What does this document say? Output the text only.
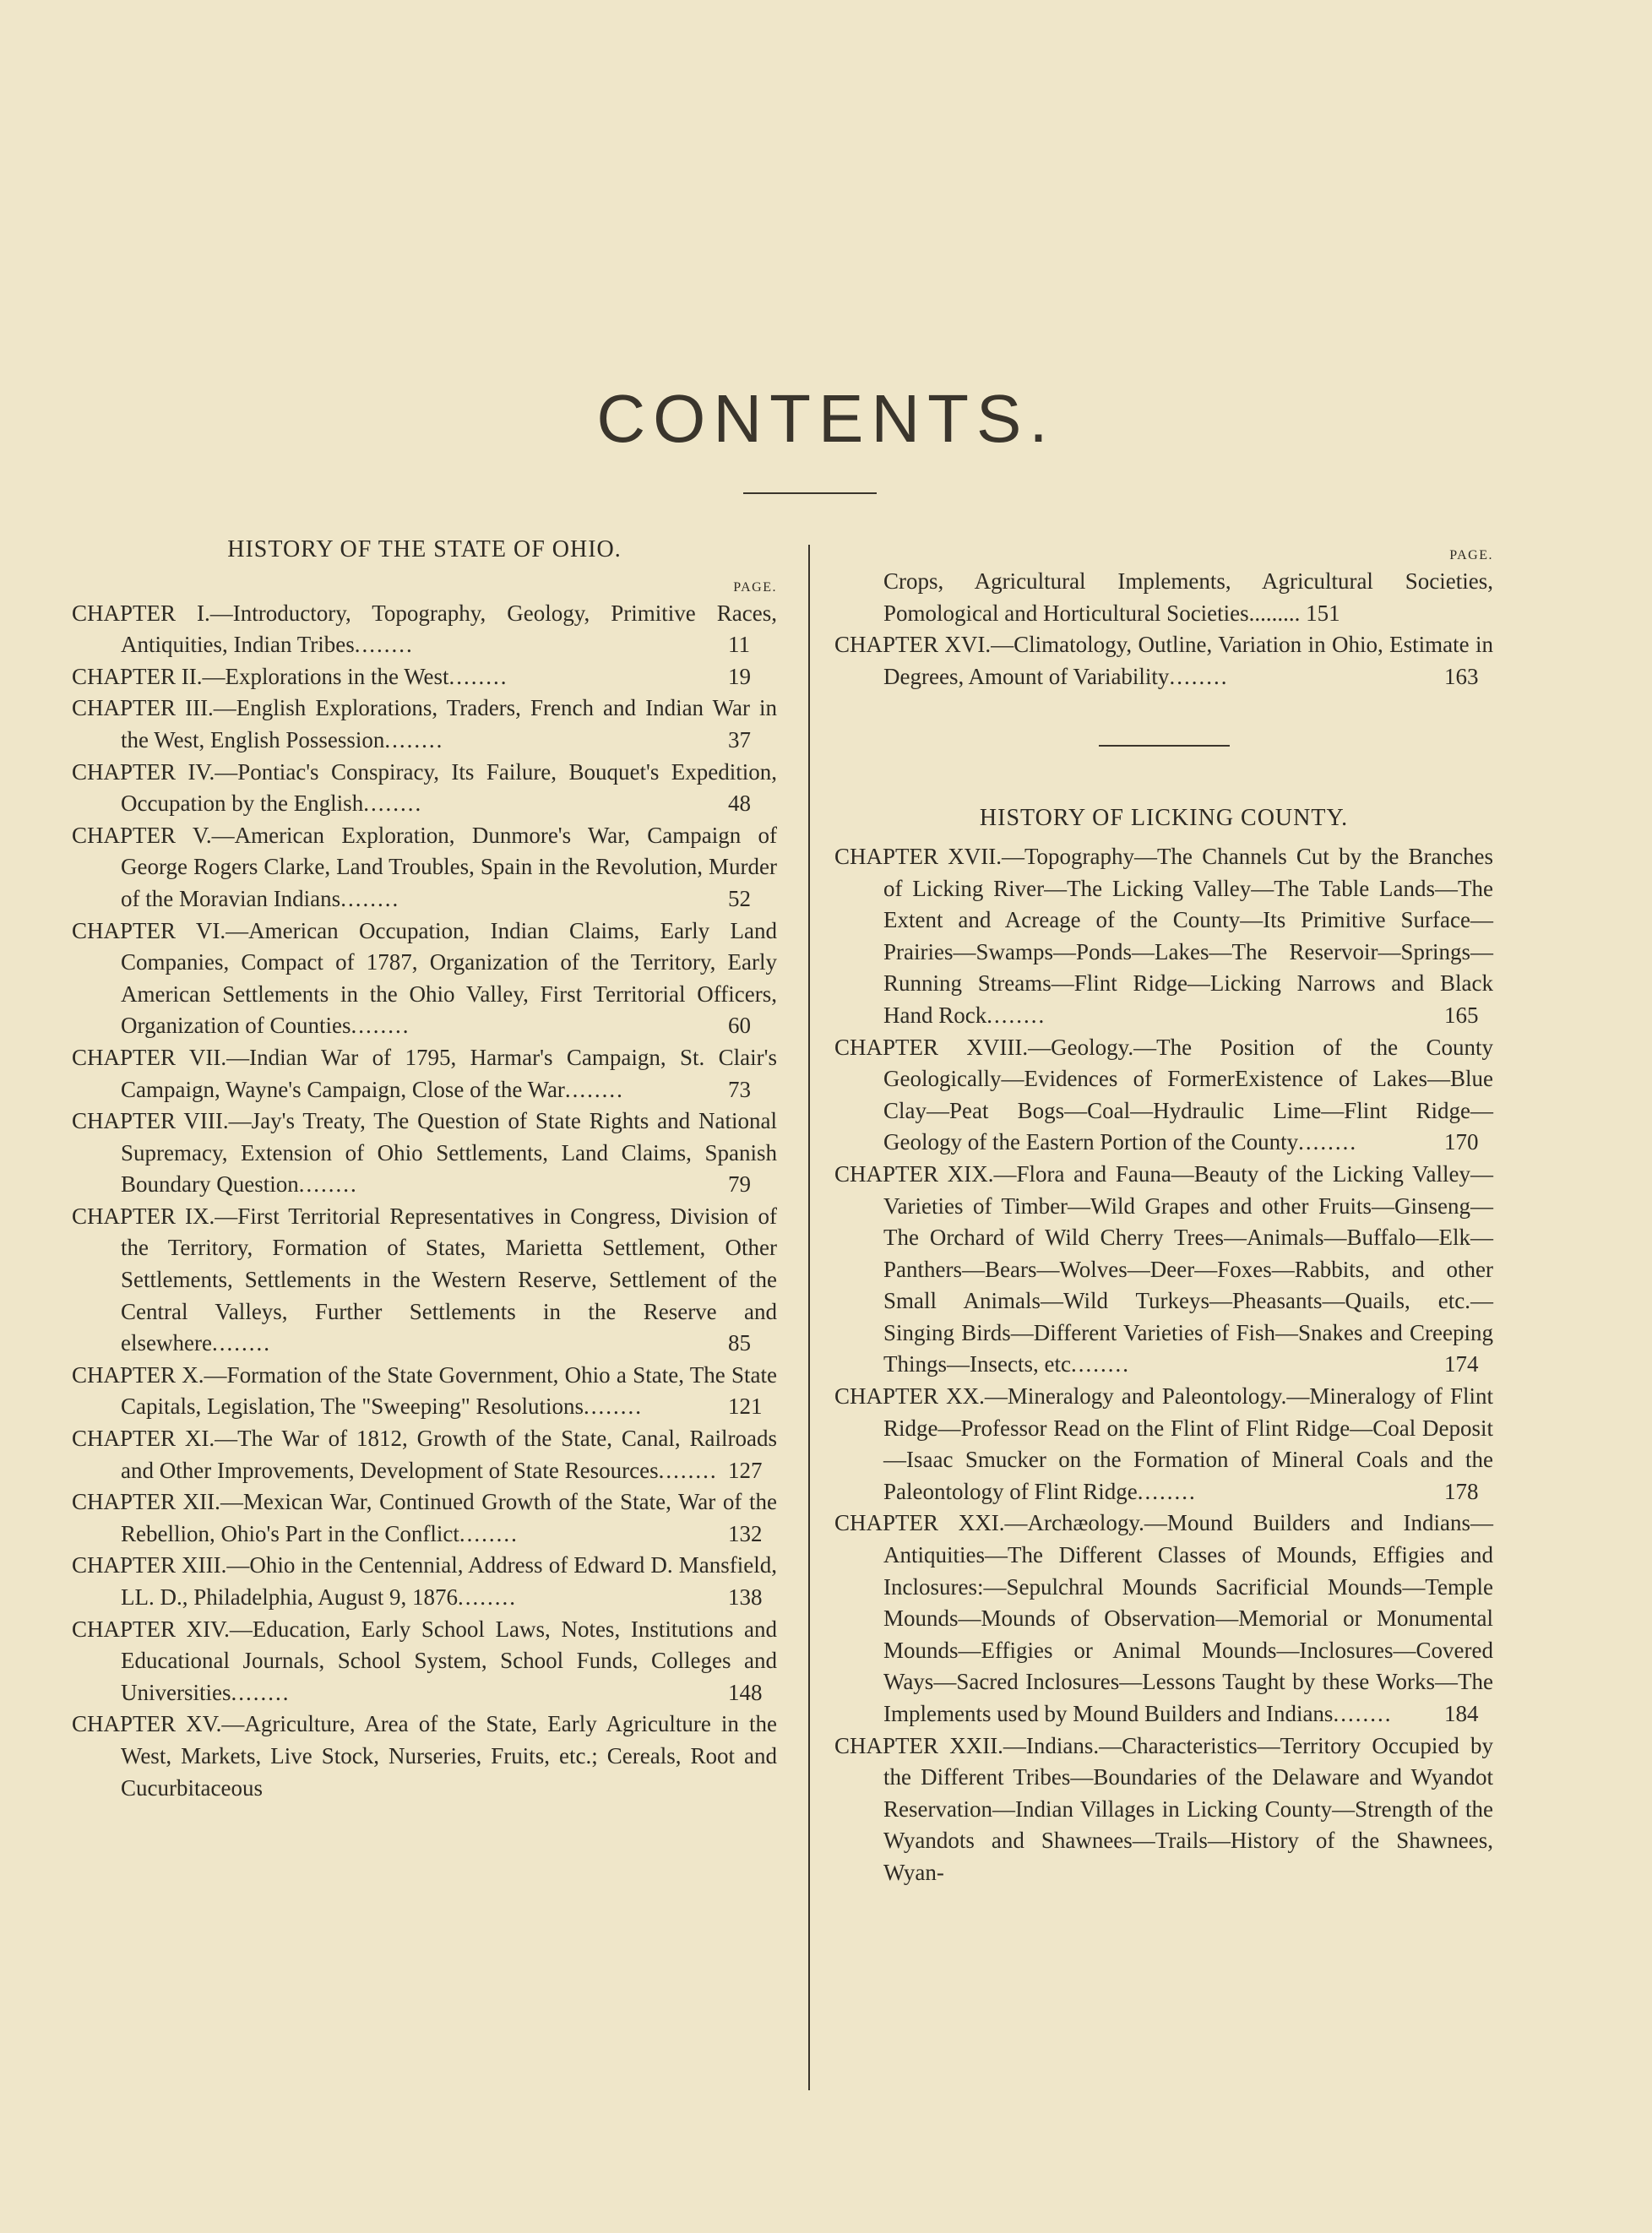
CONTENTS.

HISTORY OF THE STATE OF OHIO.

PAGE.

CHAPTER I.—Introductory, Topography, Geology, Primitive Races, Antiquities, Indian Tribes........	11

CHAPTER II.—Explorations in the West........	19

CHAPTER III.—English Explorations, Traders, French and Indian War in the West, English Possession........	37

CHAPTER IV.—Pontiac's Conspiracy, Its Failure, Bouquet's Expedition, Occupation by the English........	48

CHAPTER V.—American Exploration, Dunmore's War, Campaign of George Rogers Clarke, Land Troubles, Spain in the Revolution, Murder of the Moravian Indians........	52

CHAPTER VI.—American Occupation, Indian Claims, Early Land Companies, Compact of 1787, Organization of the Territory, Early American Settlements in the Ohio Valley, First Territorial Officers, Organization of Counties........	60

CHAPTER VII.—Indian War of 1795, Harmar's Campaign, St. Clair's Campaign, Wayne's Campaign, Close of the War........	73

CHAPTER VIII.—Jay's Treaty, The Question of State Rights and National Supremacy, Extension of Ohio Settlements, Land Claims, Spanish Boundary Question........	79

CHAPTER IX.—First Territorial Representatives in Congress, Division of the Territory, Formation of States, Marietta Settlement, Other Settlements, Settlements in the Western Reserve, Settlement of the Central Valleys, Further Settlements in the Reserve and elsewhere........	85

CHAPTER X.—Formation of the State Government, Ohio a State, The State Capitals, Legislation, The "Sweeping" Resolutions........	121

CHAPTER XI.—The War of 1812, Growth of the State, Canal, Railroads and Other Improvements, Development of State Resources........ 127

CHAPTER XII.—Mexican War, Continued Growth of the State, War of the Rebellion, Ohio's Part in the Conflict........	132

CHAPTER XIII.—Ohio in the Centennial, Address of Edward D. Mansfield, LL. D., Philadelphia, August 9, 1876........	138

CHAPTER XIV.—Education, Early School Laws, Notes, Institutions and Educational Journals, School System, School Funds, Colleges and Universities........	148

CHAPTER XV.—Agriculture, Area of the State, Early Agriculture in the West, Markets, Live Stock, Nurseries, Fruits, etc.; Cereals, Root and Cucurbitaceous

PAGE.

Crops, Agricultural Implements, Agricultural Societies, Pomological and Horticultural Societies......... 151

CHAPTER XVI.—Climatology, Outline, Variation in Ohio, Estimate in Degrees, Amount of Variability........	163

HISTORY OF LICKING COUNTY.

CHAPTER XVII.—Topography—The Channels Cut by the Branches of Licking River—The Licking Valley—The Table Lands—The Extent and Acreage of the County—Its Primitive Surface—Prairies—Swamps—Ponds—Lakes—The Reservoir—Springs—Running Streams—Flint Ridge—Licking Narrows and Black Hand Rock........	165

CHAPTER XVIII.—Geology.—The Position of the County Geologically—Evidences of FormerExistence of Lakes—Blue Clay—Peat Bogs—Coal—Hydraulic Lime—Flint Ridge—Geology of the Eastern Portion of the County........	170

CHAPTER XIX.—Flora and Fauna—Beauty of the Licking Valley—Varieties of Timber—Wild Grapes and other Fruits—Ginseng—The Orchard of Wild Cherry Trees—Animals—Buffalo—Elk—Panthers—Bears—Wolves—Deer—Foxes—Rabbits, and other Small Animals—Wild Turkeys—Pheasants—Quails, etc.—Singing Birds—Different Varieties of Fish—Snakes and Creeping Things—Insects, etc........	174

CHAPTER XX.—Mineralogy and Paleontology.—Mineralogy of Flint Ridge—Professor Read on the Flint of Flint Ridge—Coal Deposit—Isaac Smucker on the Formation of Mineral Coals and the Paleontology of Flint Ridge........	178

CHAPTER XXI.—Archæology.—Mound Builders and Indians—Antiquities—The Different Classes of Mounds, Effigies and Inclosures:—Sepulchral Mounds Sacrificial Mounds—Temple Mounds—Mounds of Observation—Memorial or Monumental Mounds—Effigies or Animal Mounds—Inclosures—Covered Ways—Sacred Inclosures—Lessons Taught by these Works—The Implements used by Mound Builders and Indians........ 184

CHAPTER XXII.—Indians.—Characteristics—Territory Occupied by the Different Tribes—Boundaries of the Delaware and Wyandot Reservation—Indian Villages in Licking County—Strength of the Wyandots and Shawnees—Trails—History of the Shawnees, Wyan-
